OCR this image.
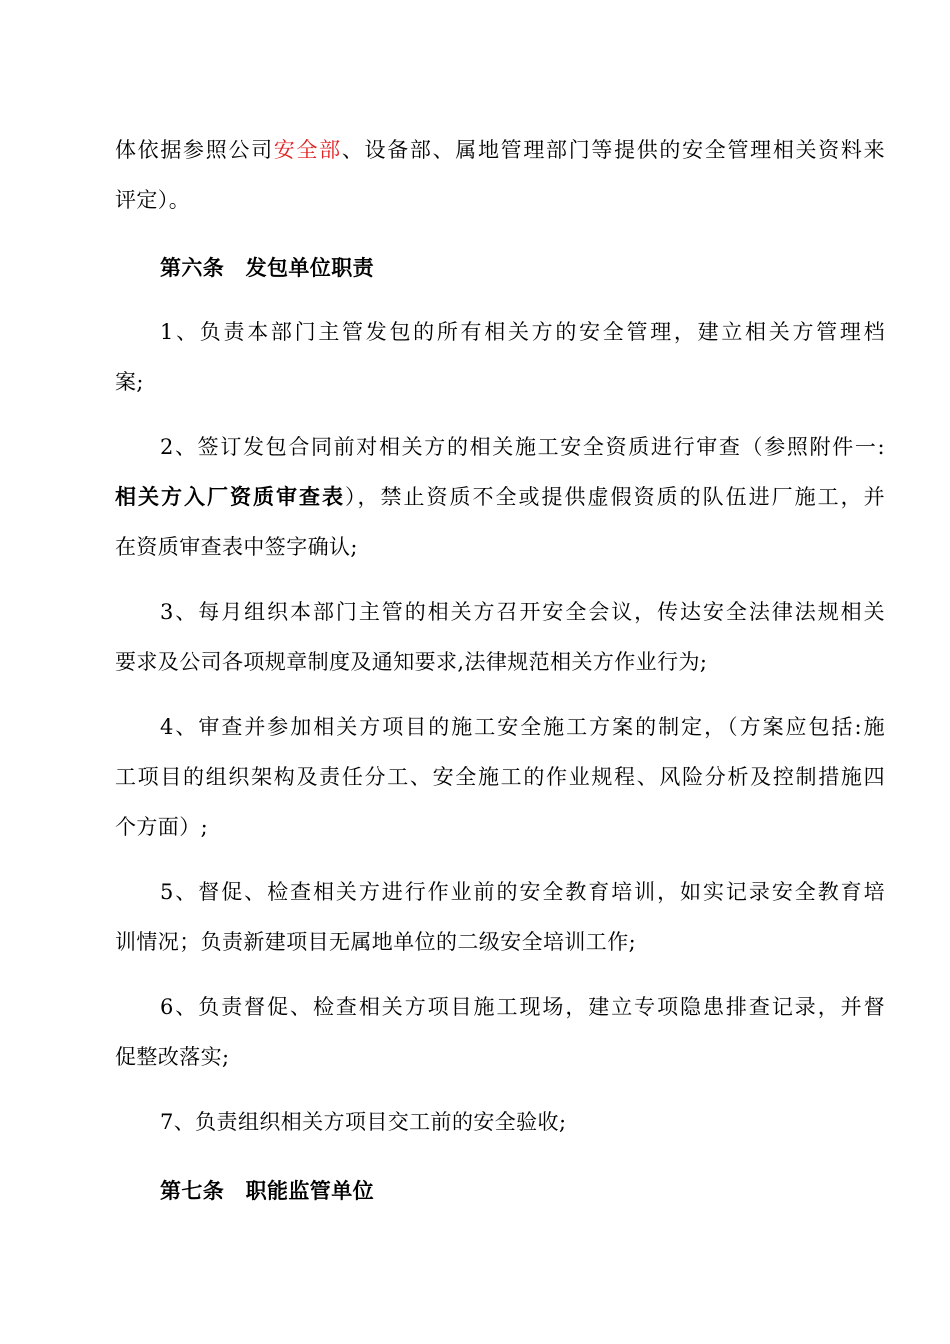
体依据参照公司安全部、设备部、属地管理部门等提供的安全管理相关资料来
评定）。
第六条　发包单位职责
1、负责本部门主管发包的所有相关方的安全管理，建立相关方管理档
案;
2、签订发包合同前对相关方的相关施工安全资质进行审查（参照附件一:
相关方入厂资质审查表），禁止资质不全或提供虚假资质的队伍进厂施工，并
在资质审查表中签字确认;
3、每月组织本部门主管的相关方召开安全会议，传达安全法律法规相关
要求及公司各项规章制度及通知要求,法律规范相关方作业行为;
4、审查并参加相关方项目的施工安全施工方案的制定，（方案应包括:施
工项目的组织架构及责任分工、安全施工的作业规程、风险分析及控制措施四
个方面）;
5、督促、检查相关方进行作业前的安全教育培训，如实记录安全教育培
训情况；负责新建项目无属地单位的二级安全培训工作;
6、负责督促、检查相关方项目施工现场，建立专项隐患排查记录，并督
促整改落实;
7、负责组织相关方项目交工前的安全验收;
第七条　职能监管单位
